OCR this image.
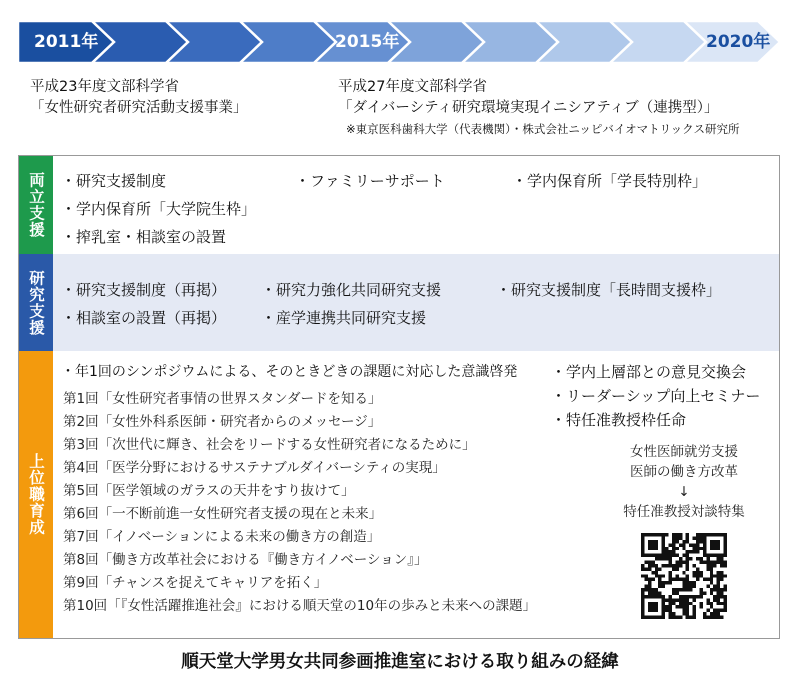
2011年	2015年	2020年
平成23年度文部科学省
「女性研究者研究活動支援事業」
平成27年度文部科学省
「ダイバーシティ研究環境実現イニシアティブ（連携型）」
※東京医科歯科大学（代表機関）・株式会社ニッピバイオマトリックス研究所
両立支援	・研究支援制度	・ファミリーサポート	・学内保育所「学長特別枠」
・学内保育所「大学院生枠」
・搾乳室・相談室の設置
研究支援	・研究支援制度（再掲） ・研究力強化共同研究支援	・研究支援制度「長時間支援枠」
・相談室の設置（再掲） ・産学連携共同研究支援
上位職育成
・年1回のシンポジウムによる、そのときどきの課題に対応した意識啓発 ・学内上層部との意見交換会
・リーダーシップ向上セミナー
・特任准教授枠任命
第1回「女性研究者事情の世界スタンダードを知る」
第2回「女性外科系医師・研究者からのメッセージ」
第3回「次世代に輝き、社会をリードする女性研究者になるために」
第4回「医学分野におけるサステナブルダイバーシティの実現」
第5回「医学領域のガラスの天井をすり抜けて」
第6回「一不断前進一女性研究者支援の現在と未来」
第7回「イノベーションによる未来の働き方の創造」
第8回「働き方改革社会における『働き方イノベーション』」
第9回「チャンスを捉えてキャリアを拓く」
第10回「『女性活躍推進社会』における順天堂の10年の歩みと未来への課題」
女性医師就労支援
医師の働き方改革
↓
特任准教授対談特集
順天堂大学男女共同参画推進室における取り組みの経緯
